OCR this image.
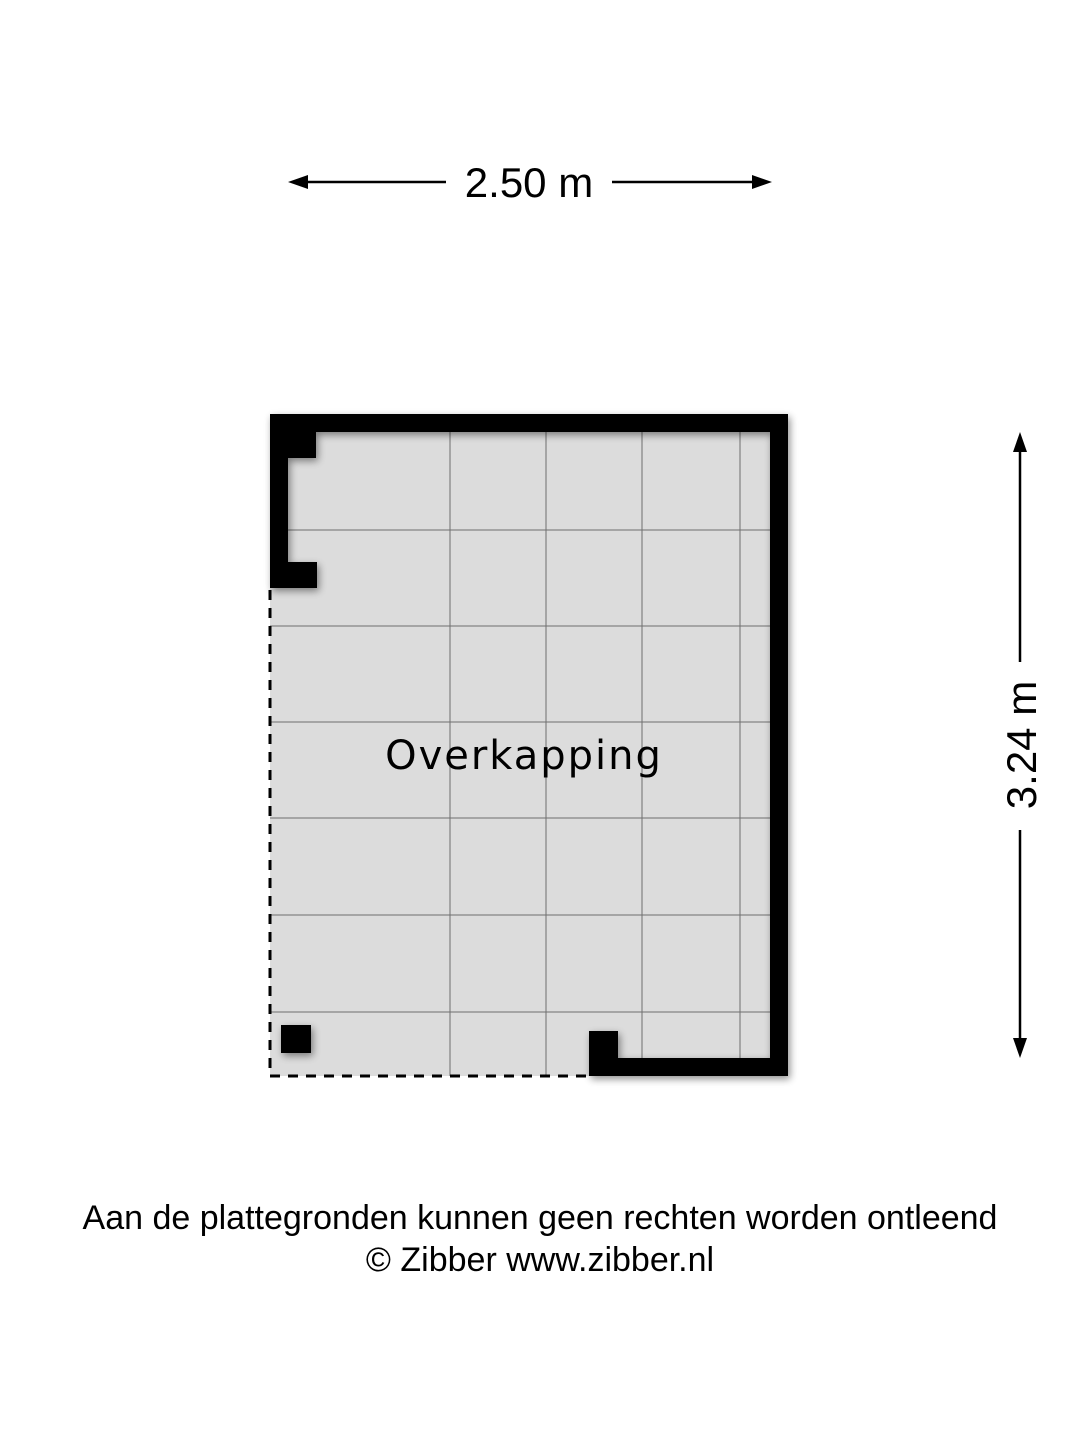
2.50 m
3.24 m
Overkapping
Aan de plattegronden kunnen geen rechten worden ontleend
© Zibber www.zibber.nl
